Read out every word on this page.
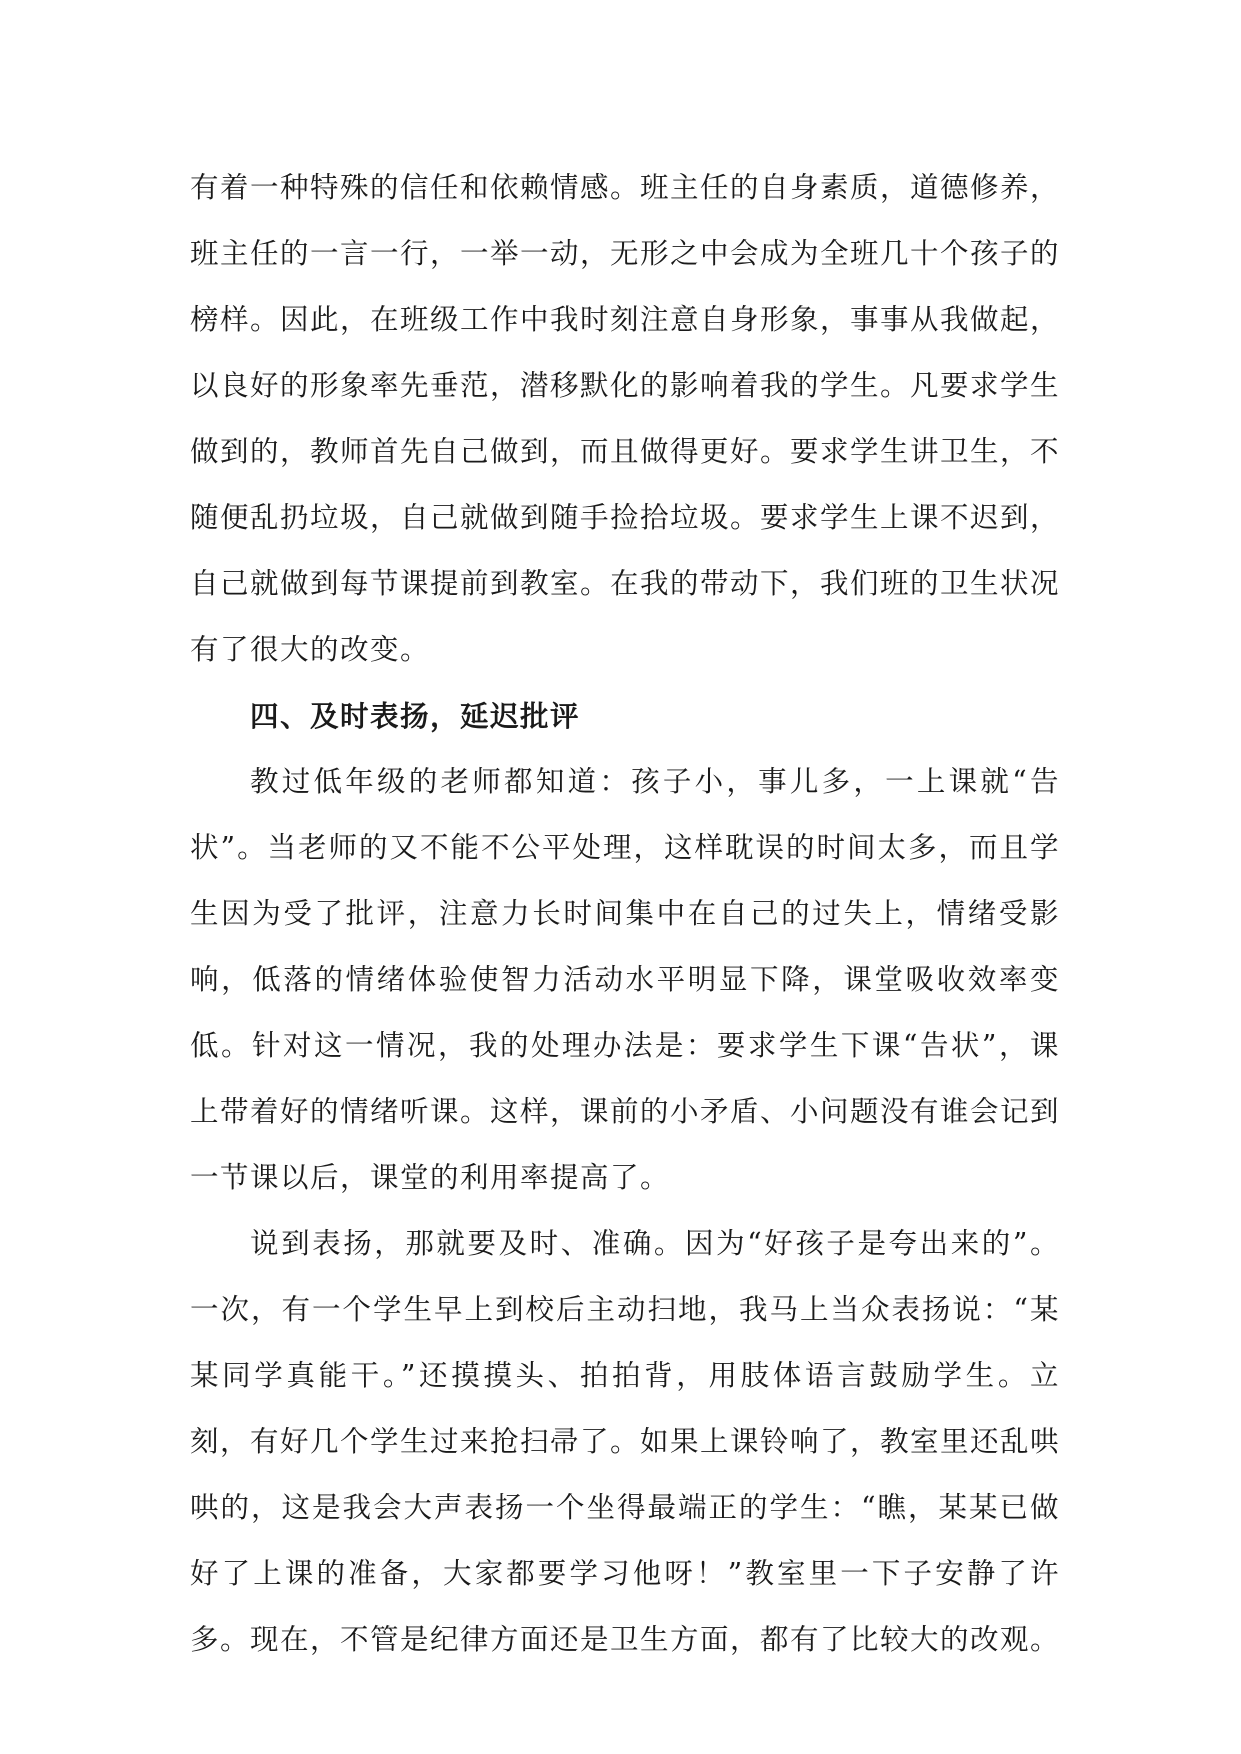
有着一种特殊的信任和依赖情感。班主任的自身素质，道德修养，班主任的一言一行，一举一动，无形之中会成为全班几十个孩子的榜样。因此，在班级工作中我时刻注意自身形象，事事从我做起，以良好的形象率先垂范，潜移默化的影响着我的学生。凡要求学生做到的，教师首先自己做到，而且做得更好。要求学生讲卫生，不随便乱扔垃圾，自己就做到随手捡拾垃圾。要求学生上课不迟到，自己就做到每节课提前到教室。在我的带动下，我们班的卫生状况有了很大的改变。

四、及时表扬，延迟批评

教过低年级的老师都知道：孩子小，事儿多，一上课就“告状”。当老师的又不能不公平处理，这样耽误的时间太多，而且学生因为受了批评，注意力长时间集中在自己的过失上，情绪受影响，低落的情绪体验使智力活动水平明显下降，课堂吸收效率变低。针对这一情况，我的处理办法是：要求学生下课“告状”，课上带着好的情绪听课。这样，课前的小矛盾、小问题没有谁会记到一节课以后，课堂的利用率提高了。

说到表扬，那就要及时、准确。因为“好孩子是夸出来的”。一次，有一个学生早上到校后主动扫地，我马上当众表扬说：“某某同学真能干。”还摸摸头、拍拍背，用肢体语言鼓励学生。立刻，有好几个学生过来抢扫帚了。如果上课铃响了，教室里还乱哄哄的，这是我会大声表扬一个坐得最端正的学生：“瞧，某某已做好了上课的准备，大家都要学习他呀！”教室里一下子安静了许多。现在，不管是纪律方面还是卫生方面，都有了比较大的改观。
